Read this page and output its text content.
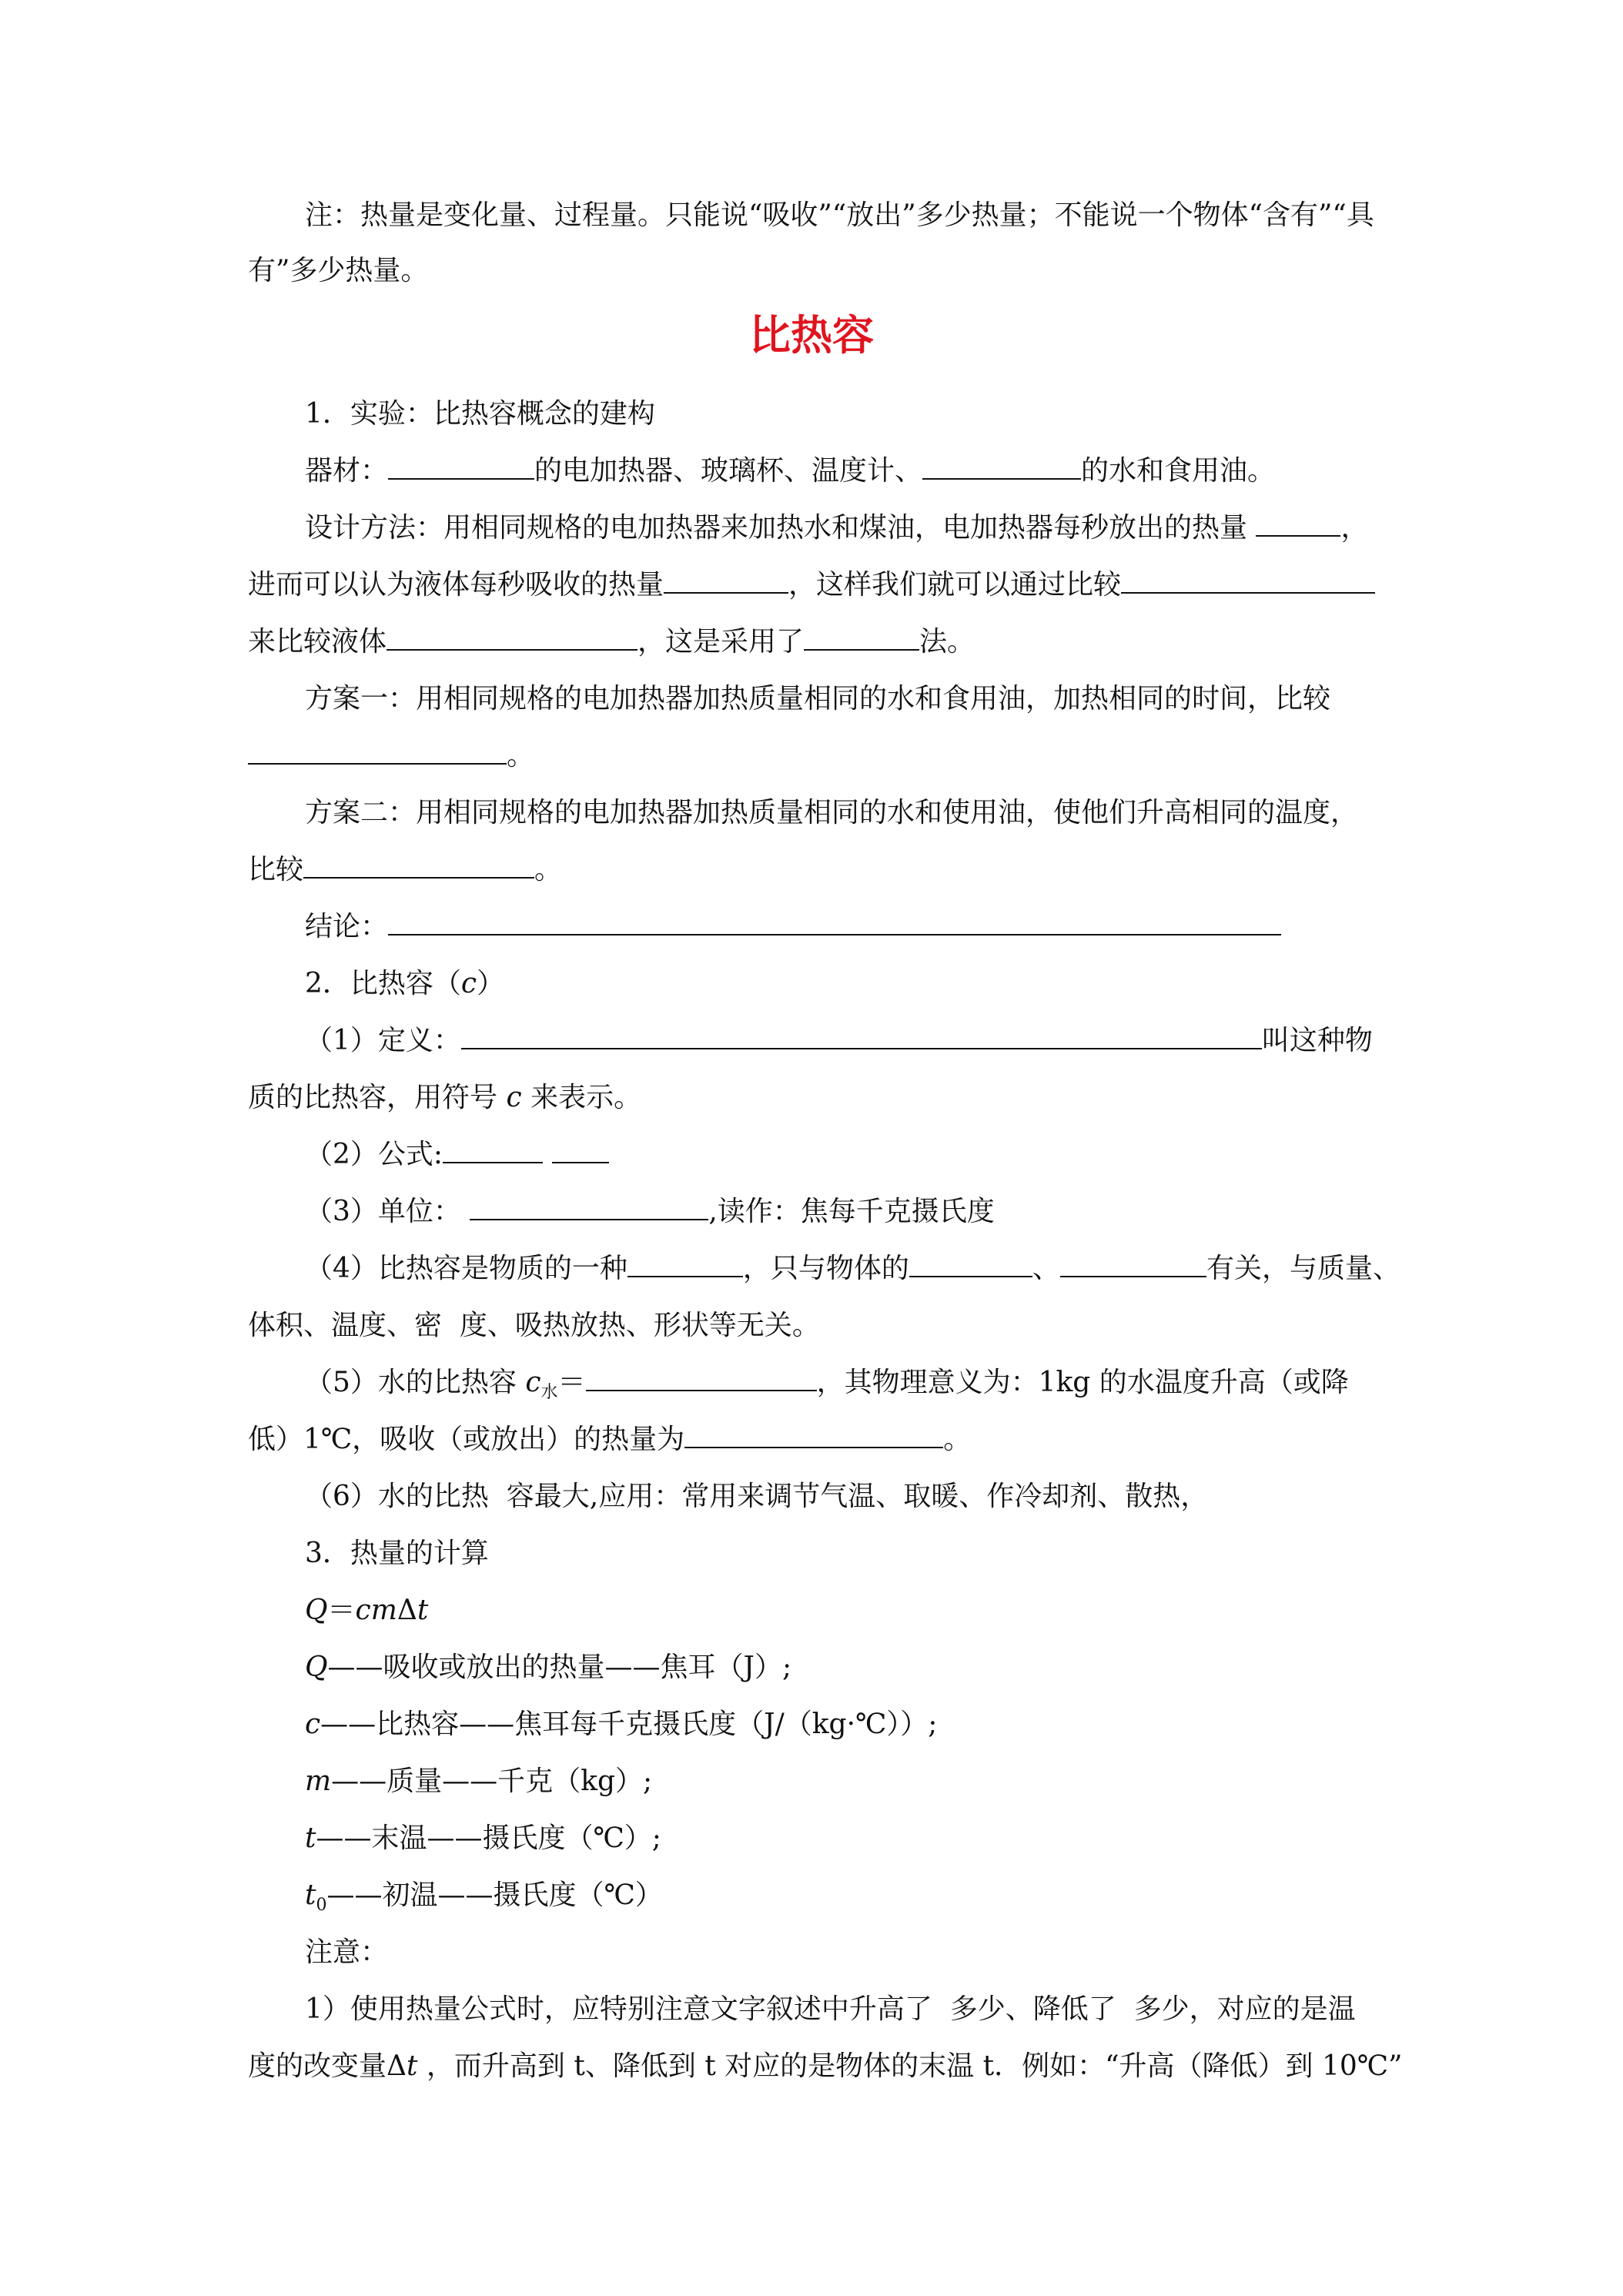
注：热量是变化量、过程量。只能说“吸收”“放出”多少热量；不能说一个物体“含有”“具
有”多少热量。
比热容
1．实验：比热容概念的建构
器材：	的电加热器、玻璃杯、温度计、	的水和食用油。
设计方法：用相同规格的电加热器来加热水和煤油，电加热器每秒放出的热量	，
进而可以认为液体每秒吸收的热量	，这样我们就可以通过比较
来比较液体	，这是采用了	法。
方案一：用相同规格的电加热器加热质量相同的水和食用油，加热相同的时间，比较
。
方案二：用相同规格的电加热器加热质量相同的水和使用油，使他们升高相同的温度，
比较	。
结论：
2．比热容（c）
（1）定义：	叫这种物
质的比热容，用符号 c 来表示。
（2）公式:
（3）单位：	,读作：焦每千克摄氏度
（4）比热容是物质的一种	，只与物体的	、	有关，与质量、
体积、温度、密  度、吸热放热、形状等无关。
（5）水的比热容 $c_水=$	，其物理意义为：1kg 的水温度升高（或降
低）1℃，吸收（或放出）的热量为	。
（6）水的比热  容最大,应用：常用来调节气温、取暖、作冷却剂、散热，
3．热量的计算
Q＝cmΔt
Q——吸收或放出的热量——焦耳（J）;
c——比热容——焦耳每千克摄氏度（J/（kg·℃））;
m——质量——千克（kg）;
t——末温——摄氏度（℃）;
$t_0——$初温——摄氏度（℃）
注意：
1）使用热量公式时，应特别注意文字叙述中升高了  多少、降低了  多少，对应的是温
度的改变量Δt ，而升高到 t、降低到 t 对应的是物体的末温 t．例如：“升高（降低）到 10℃”
